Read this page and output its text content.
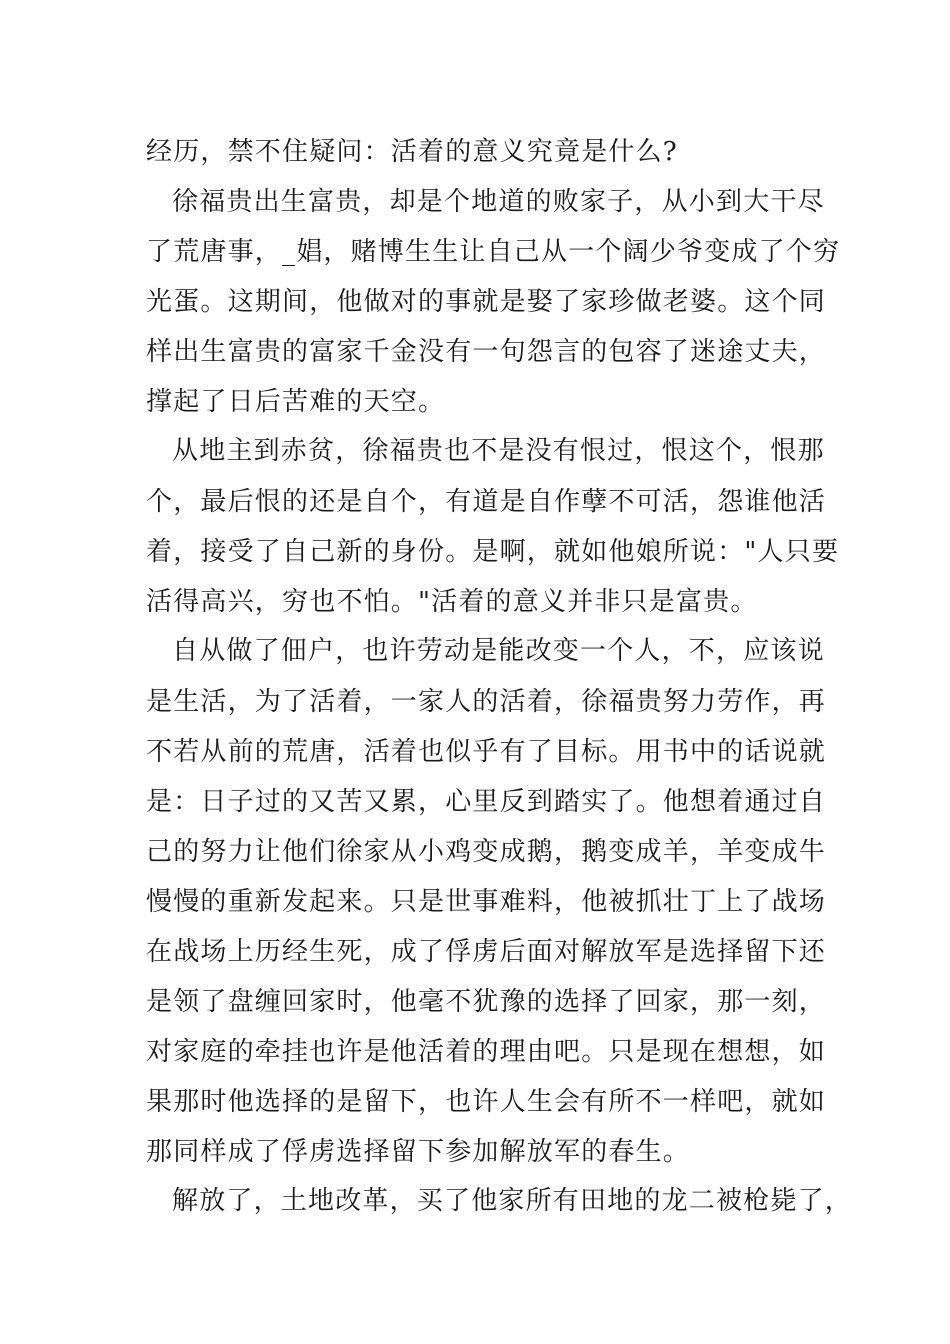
经历，禁不住疑问：活着的意义究竟是什么?
徐福贵出生富贵，却是个地道的败家子，从小到大干尽
了荒唐事，_娼，赌博生生让自己从一个阔少爷变成了个穷
光蛋。这期间，他做对的事就是娶了家珍做老婆。这个同
样出生富贵的富家千金没有一句怨言的包容了迷途丈夫，
撑起了日后苦难的天空。
从地主到赤贫，徐福贵也不是没有恨过，恨这个，恨那
个，最后恨的还是自个，有道是自作孽不可活，怨谁他活
着，接受了自己新的身份。是啊，就如他娘所说："人只要
活得高兴，穷也不怕。"活着的意义并非只是富贵。
自从做了佃户，也许劳动是能改变一个人，不，应该说
是生活，为了活着，一家人的活着，徐福贵努力劳作，再
不若从前的荒唐，活着也似乎有了目标。用书中的话说就
是：日子过的又苦又累，心里反到踏实了。他想着通过自
己的努力让他们徐家从小鸡变成鹅，鹅变成羊，羊变成牛
慢慢的重新发起来。只是世事难料，他被抓壮丁上了战场
在战场上历经生死，成了俘虏后面对解放军是选择留下还
是领了盘缠回家时，他毫不犹豫的选择了回家，那一刻，
对家庭的牵挂也许是他活着的理由吧。只是现在想想，如
果那时他选择的是留下，也许人生会有所不一样吧，就如
那同样成了俘虏选择留下参加解放军的春生。
解放了，土地改革，买了他家所有田地的龙二被枪毙了，
